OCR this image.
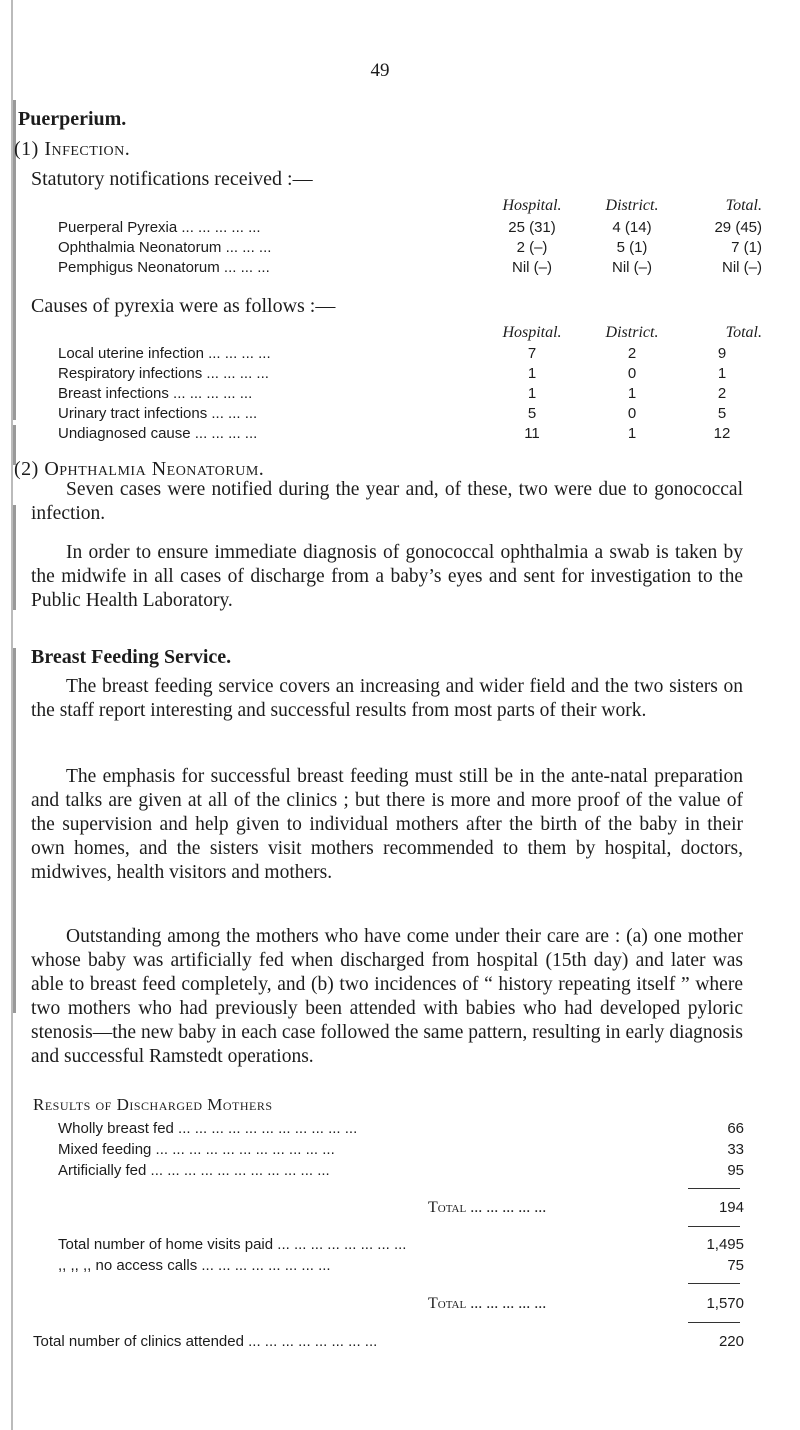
49
Puerperium.
(1) Infection.
Statutory notifications received :—
Hospital.	District.	Total.
Puerperal Pyrexia ... ... ... ... ...	25 (31)	4 (14)	29 (45)
Ophthalmia Neonatorum ... ... ...	2 (–)	5 (1)	7 (1)
Pemphigus Neonatorum ... ... ...	Nil (–)	Nil (–)	Nil (–)
Causes of pyrexia were as follows :—
Hospital.	District.	Total.
Local uterine infection ... ... ... ...	7	2	9
Respiratory infections ... ... ... ...	1	0	1
Breast infections ... ... ... ... ...	1	1	2
Urinary tract infections ... ... ...	5	0	5
Undiagnosed cause ... ... ... ...	11	1	12
(2) Ophthalmia Neonatorum.
Seven cases were notified during the year and, of these, two were due to gonococcal infection.
In order to ensure immediate diagnosis of gonococcal ophthalmia a swab is taken by the midwife in all cases of discharge from a baby’s eyes and sent for investigation to the Public Health Laboratory.
Breast Feeding Service.
The breast feeding service covers an increasing and wider field and the two sisters on the staff report interesting and successful results from most parts of their work.
The emphasis for successful breast feeding must still be in the ante-natal preparation and talks are given at all of the clinics ; but there is more and more proof of the value of the supervision and help given to individual mothers after the birth of the baby in their own homes, and the sisters visit mothers recommended to them by hospital, doctors, midwives, health visitors and mothers.
Outstanding among the mothers who have come under their care are : (a) one mother whose baby was artificially fed when discharged from hospital (15th day) and later was able to breast feed completely, and (b) two incidences of “ history repeating itself ” where two mothers who had previously been attended with babies who had developed pyloric stenosis—the new baby in each case followed the same pattern, resulting in early diagnosis and successful Ramstedt operations.
Results of Discharged Mothers
Wholly breast fed ... ... ... ... ... ... ... ... ... ... ...	66
Mixed feeding ... ... ... ... ... ... ... ... ... ... ...	33
Artificially fed ... ... ... ... ... ... ... ... ... ... ...	95
Total ... ... ... ... ...	194
Total number of home visits paid ... ... ... ... ... ... ... ...	1,495
,, ,, ,, no access calls ... ... ... ... ... ... ... ...	75
Total ... ... ... ... ...	1,570
Total number of clinics attended ... ... ... ... ... ... ... ...	220
